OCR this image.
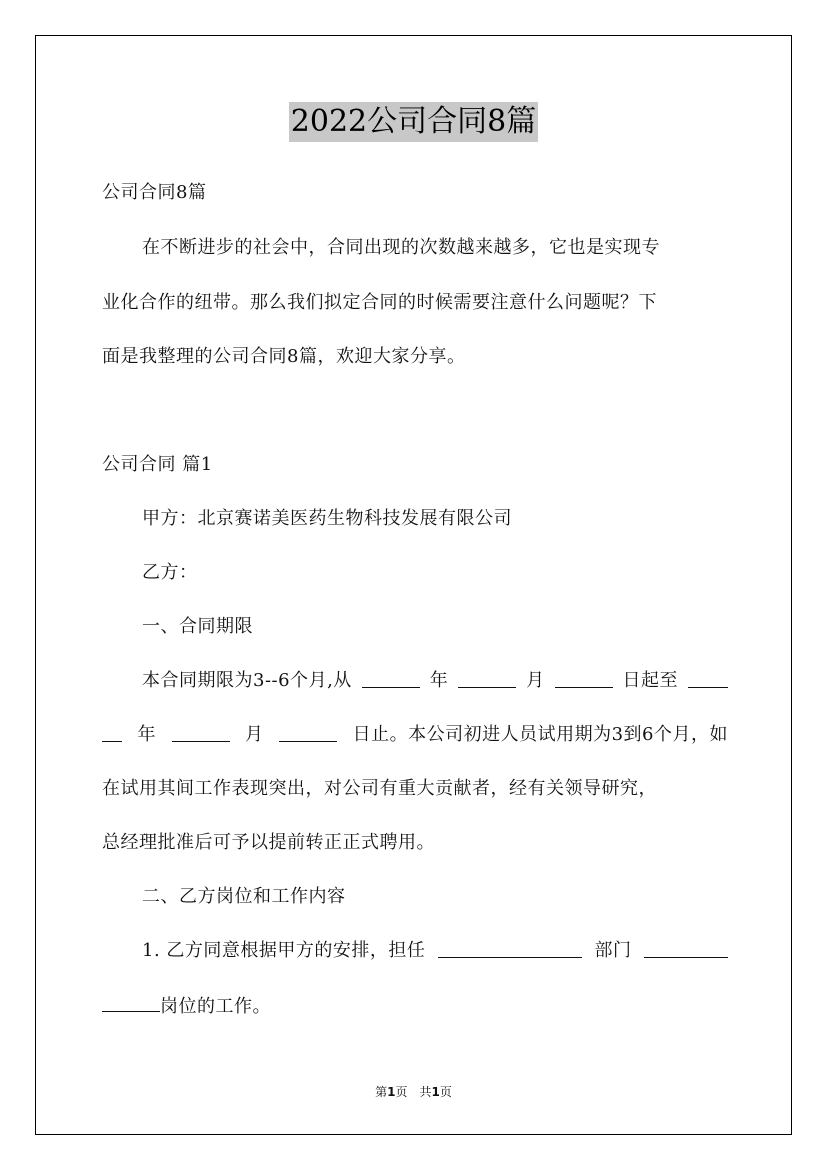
2022公司合同8篇
公司合同8篇
在不断进步的社会中，合同出现的次数越来越多，它也是实现专
业化合作的纽带。那么我们拟定合同的时候需要注意什么问题呢？下
面是我整理的公司合同8篇，欢迎大家分享。
公司合同 篇1
甲方：北京赛诺美医药生物科技发展有限公司
乙方：
一、合同期限
本合同期限为3--6个月,从	年	月	日起至
年	月	日止。本公司初进人员试用期为3到6个月，如
在试用其间工作表现突出，对公司有重大贡献者，经有关领导研究，
总经理批准后可予以提前转正正式聘用。
二、乙方岗位和工作内容
1. 乙方同意根据甲方的安排，担任	部门
岗位的工作。
第1页　共1页
